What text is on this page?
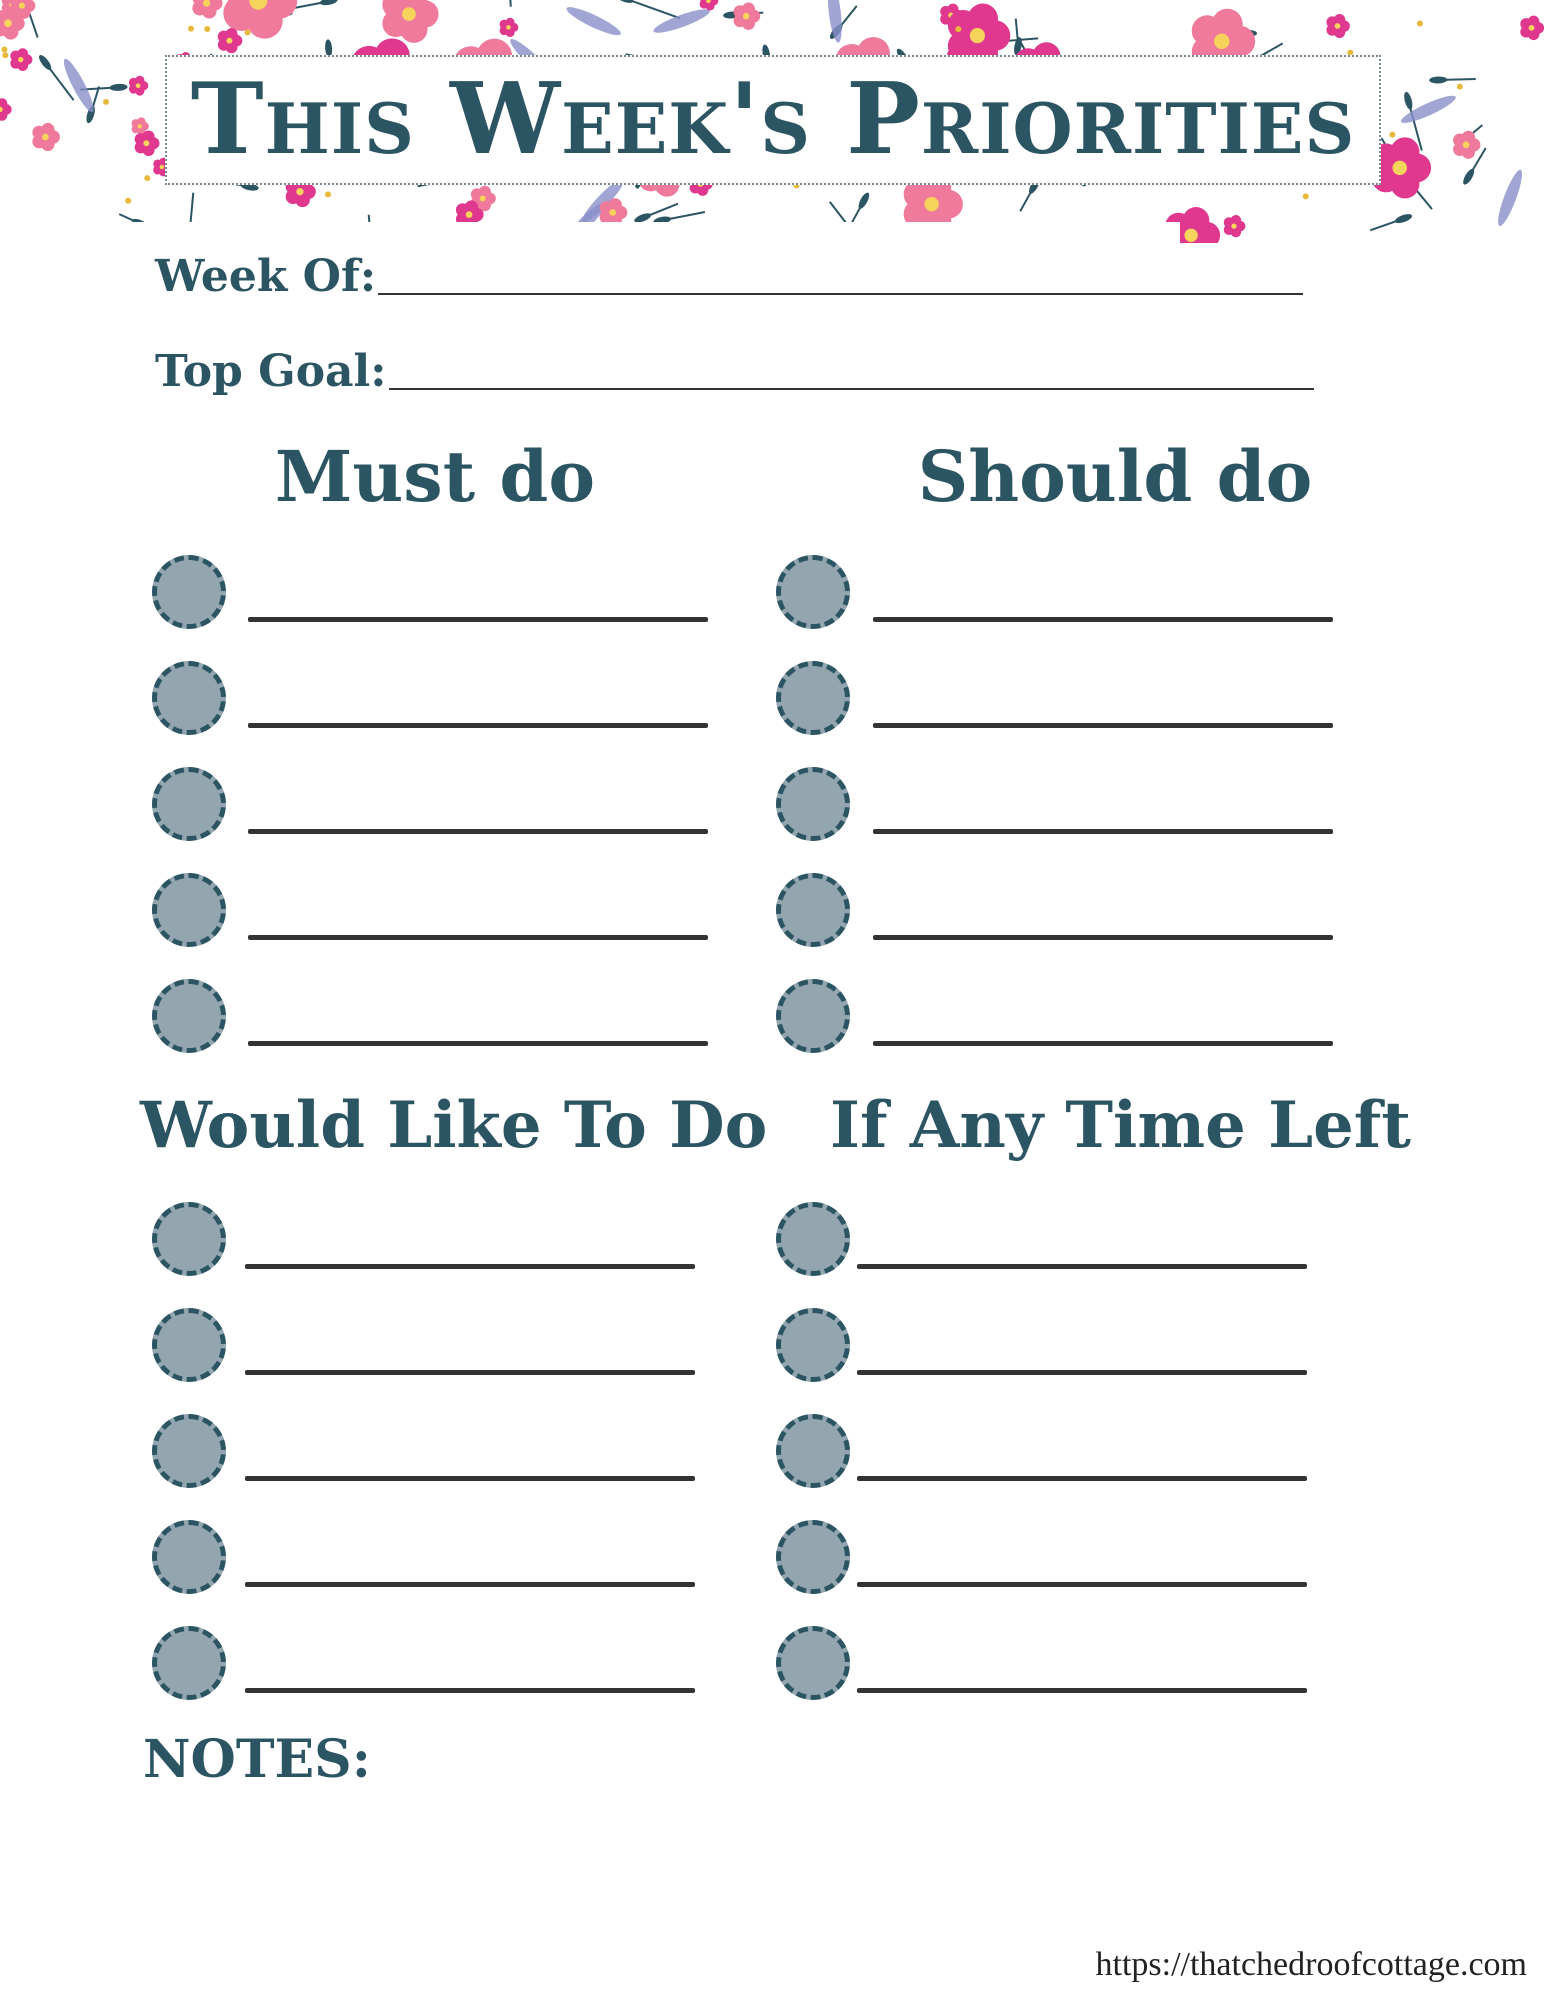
This Week's Priorities
Week Of:
Top Goal:
Must do	Should do
Would Like To Do If Any Time Left
NOTES:
https://thatchedroofcottage.com
